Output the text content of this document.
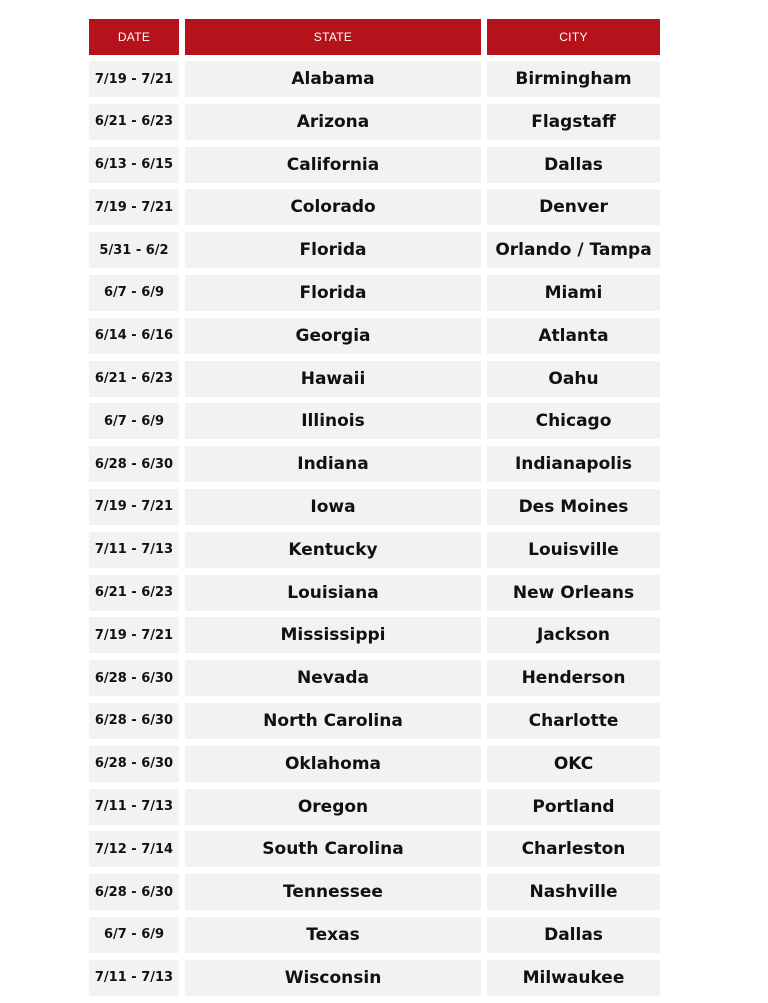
DATE	STATE	CITY
7/19 - 7/21	Alabama	Birmingham
6/21 - 6/23	Arizona	Flagstaff
6/13 - 6/15	California	Dallas
7/19 - 7/21	Colorado	Denver
5/31 - 6/2	Florida	Orlando / Tampa
6/7 - 6/9	Florida	Miami
6/14 - 6/16	Georgia	Atlanta
6/21 - 6/23	Hawaii	Oahu
6/7 - 6/9	Illinois	Chicago
6/28 - 6/30	Indiana	Indianapolis
7/19 - 7/21	Iowa	Des Moines
7/11 - 7/13	Kentucky	Louisville
6/21 - 6/23	Louisiana	New Orleans
7/19 - 7/21	Mississippi	Jackson
6/28 - 6/30	Nevada	Henderson
6/28 - 6/30	North Carolina	Charlotte
6/28 - 6/30	Oklahoma	OKC
7/11 - 7/13	Oregon	Portland
7/12 - 7/14	South Carolina	Charleston
6/28 - 6/30	Tennessee	Nashville
6/7 - 6/9	Texas	Dallas
7/11 - 7/13	Wisconsin	Milwaukee
